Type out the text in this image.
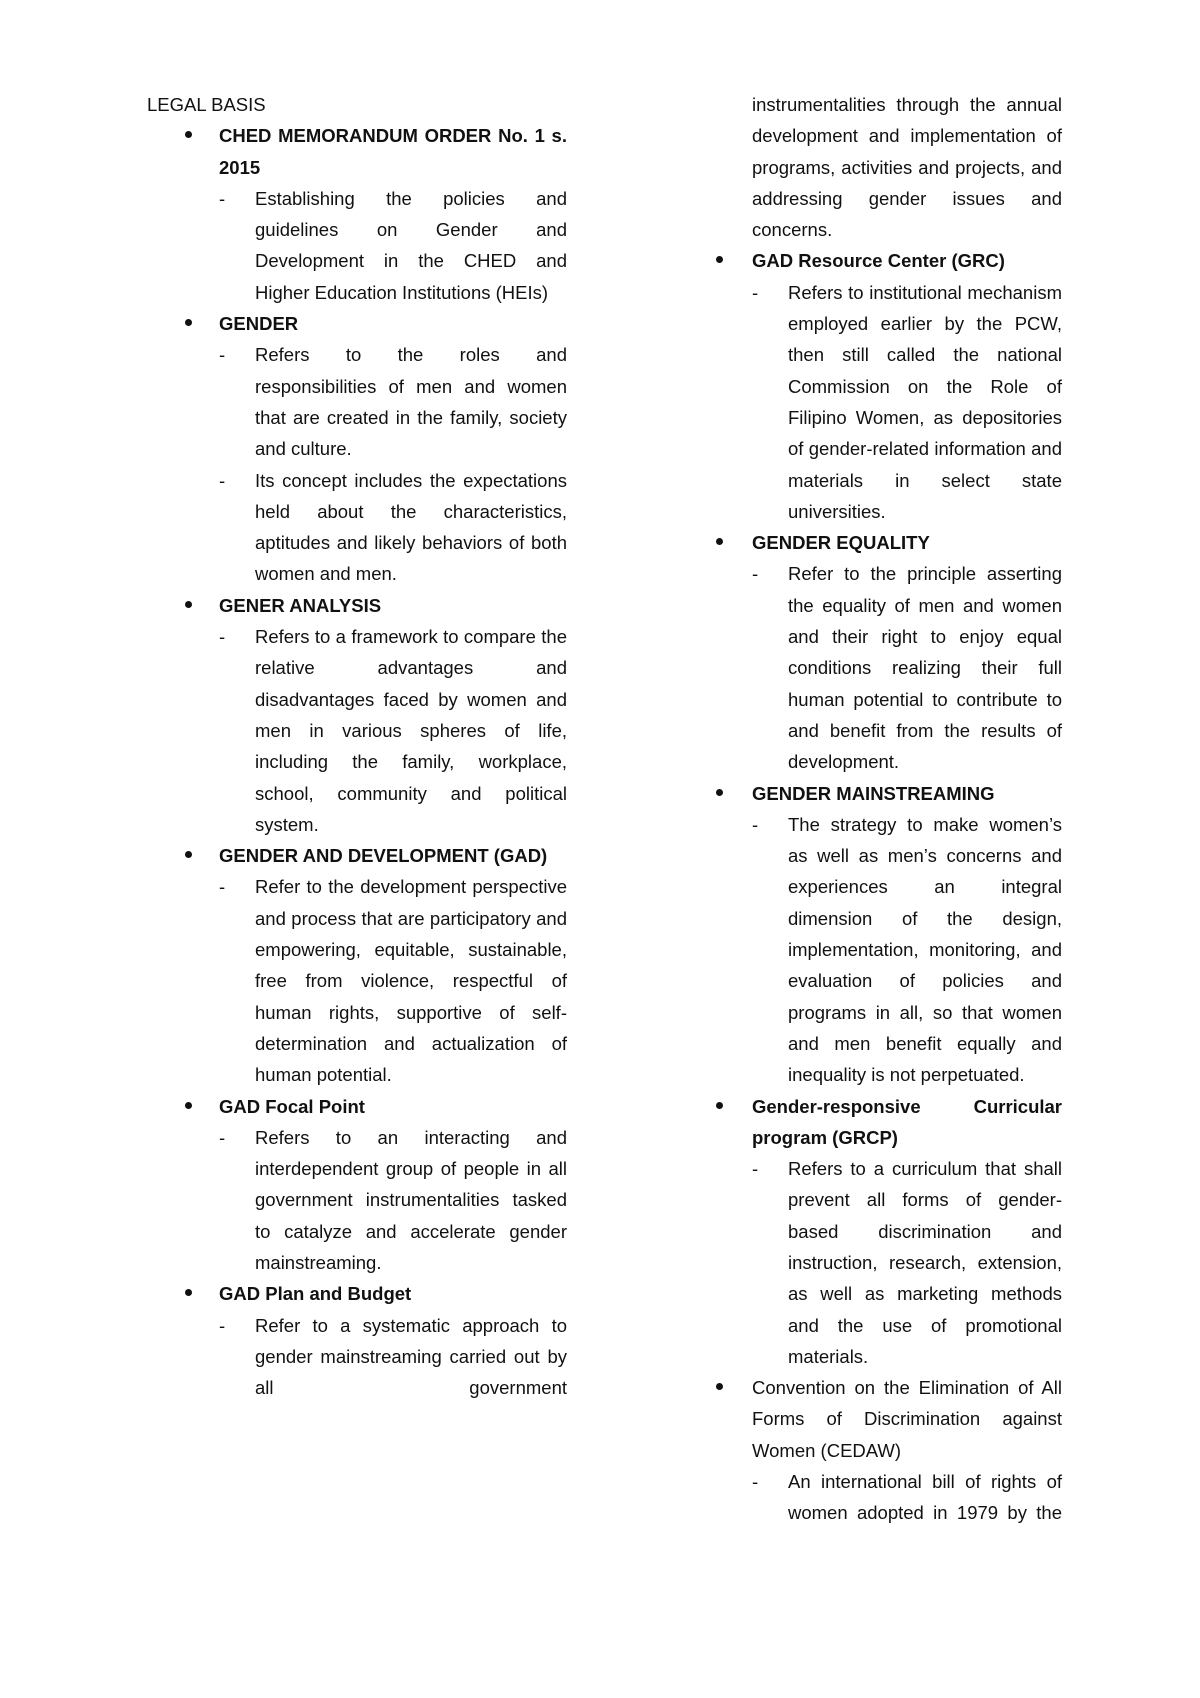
LEGAL BASIS
CHED MEMORANDUM ORDER No. 1 s. 2015
- Establishing the policies and guidelines on Gender and Development in the CHED and Higher Education Institutions (HEIs)
GENDER
- Refers to the roles and responsibilities of men and women that are created in the family, society and culture.
- Its concept includes the expectations held about the characteristics, aptitudes and likely behaviors of both women and men.
GENER ANALYSIS
- Refers to a framework to compare the relative advantages and disadvantages faced by women and men in various spheres of life, including the family, workplace, school, community and political system.
GENDER AND DEVELOPMENT (GAD)
- Refer to the development perspective and process that are participatory and empowering, equitable, sustainable, free from violence, respectful of human rights, supportive of self-determination and actualization of human potential.
GAD Focal Point
- Refers to an interacting and interdependent group of people in all government instrumentalities tasked to catalyze and accelerate gender mainstreaming.
GAD Plan and Budget
- Refer to a systematic approach to gender mainstreaming carried out by all government
instrumentalities through the annual development and implementation of programs, activities and projects, and addressing gender issues and concerns.
GAD Resource Center (GRC)
- Refers to institutional mechanism employed earlier by the PCW, then still called the national Commission on the Role of Filipino Women, as depositories of gender-related information and materials in select state universities.
GENDER EQUALITY
- Refer to the principle asserting the equality of men and women and their right to enjoy equal conditions realizing their full human potential to contribute to and benefit from the results of development.
GENDER MAINSTREAMING
- The strategy to make women’s as well as men’s concerns and experiences an integral dimension of the design, implementation, monitoring, and evaluation of policies and programs in all, so that women and men benefit equally and inequality is not perpetuated.
Gender-responsive Curricular program (GRCP)
- Refers to a curriculum that shall prevent all forms of gender-based discrimination and instruction, research, extension, as well as marketing methods and the use of promotional materials.
Convention on the Elimination of All Forms of Discrimination against Women (CEDAW)
- An international bill of rights of women adopted in 1979 by the
